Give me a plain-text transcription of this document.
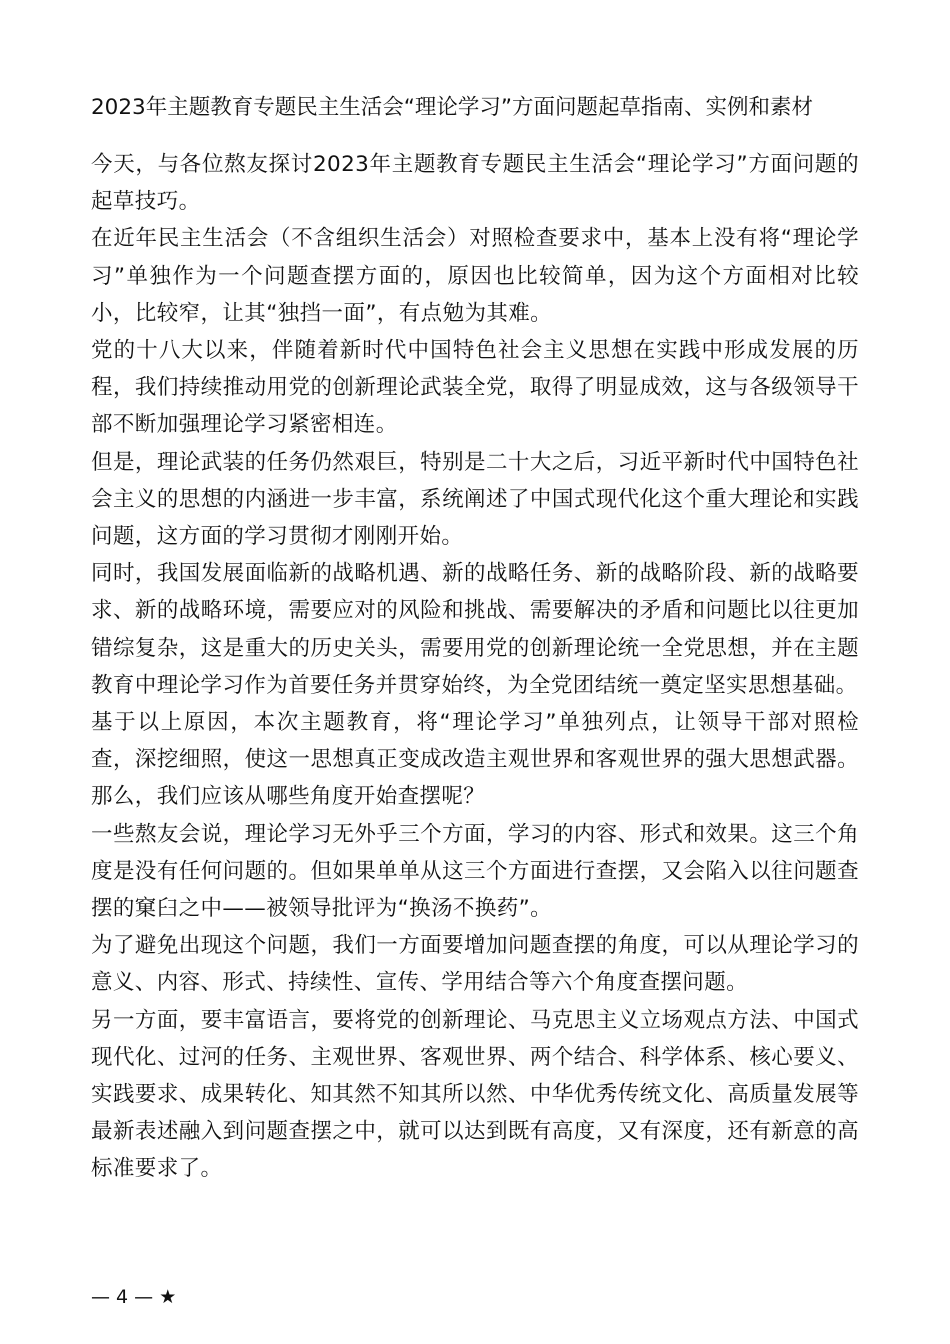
2023年主题教育专题民主生活会“理论学习”方面问题起草指南、实例和素材

今天，与各位熬友探讨2023年主题教育专题民主生活会“理论学习”方面问题的起草技巧。

在近年民主生活会（不含组织生活会）对照检查要求中，基本上没有将“理论学习”单独作为一个问题查摆方面的，原因也比较简单，因为这个方面相对比较小，比较窄，让其“独挡一面”，有点勉为其难。

党的十八大以来，伴随着新时代中国特色社会主义思想在实践中形成发展的历程，我们持续推动用党的创新理论武装全党，取得了明显成效，这与各级领导干部不断加强理论学习紧密相连。

但是，理论武装的任务仍然艰巨，特别是二十大之后，习近平新时代中国特色社会主义的思想的内涵进一步丰富，系统阐述了中国式现代化这个重大理论和实践问题，这方面的学习贯彻才刚刚开始。

同时，我国发展面临新的战略机遇、新的战略任务、新的战略阶段、新的战略要求、新的战略环境，需要应对的风险和挑战、需要解决的矛盾和问题比以往更加错综复杂，这是重大的历史关头，需要用党的创新理论统一全党思想，并在主题教育中理论学习作为首要任务并贯穿始终，为全党团结统一奠定坚实思想基础。

基于以上原因，本次主题教育，将“理论学习”单独列点，让领导干部对照检 查，深挖细照，使这一思想真正变成改造主观世界和客观世界的强大思想武器。那么，我们应该从哪些角度开始查摆呢？

一些熬友会说，理论学习无外乎三个方面，学习的内容、形式和效果。这三个角度是没有任何问题的。但如果单单从这三个方面进行查摆，又会陷入以往问题查摆的窠臼之中——被领导批评为“换汤不换药”。

为了避免出现这个问题，我们一方面要增加问题查摆的角度，可以从理论学习的意义、内容、形式、持续性、宣传、学用结合等六个角度查摆问题。

另一方面，要丰富语言，要将党的创新理论、马克思主义立场观点方法、中国式现代化、过河的任务、主观世界、客观世界、两个结合、科学体系、核心要义、实践要求、成果转化、知其然不知其所以然、中华优秀传统文化、高质量发展等最新表述融入到问题查摆之中，就可以达到既有高度，又有深度，还有新意的高标准要求了。

— 4 — ★
